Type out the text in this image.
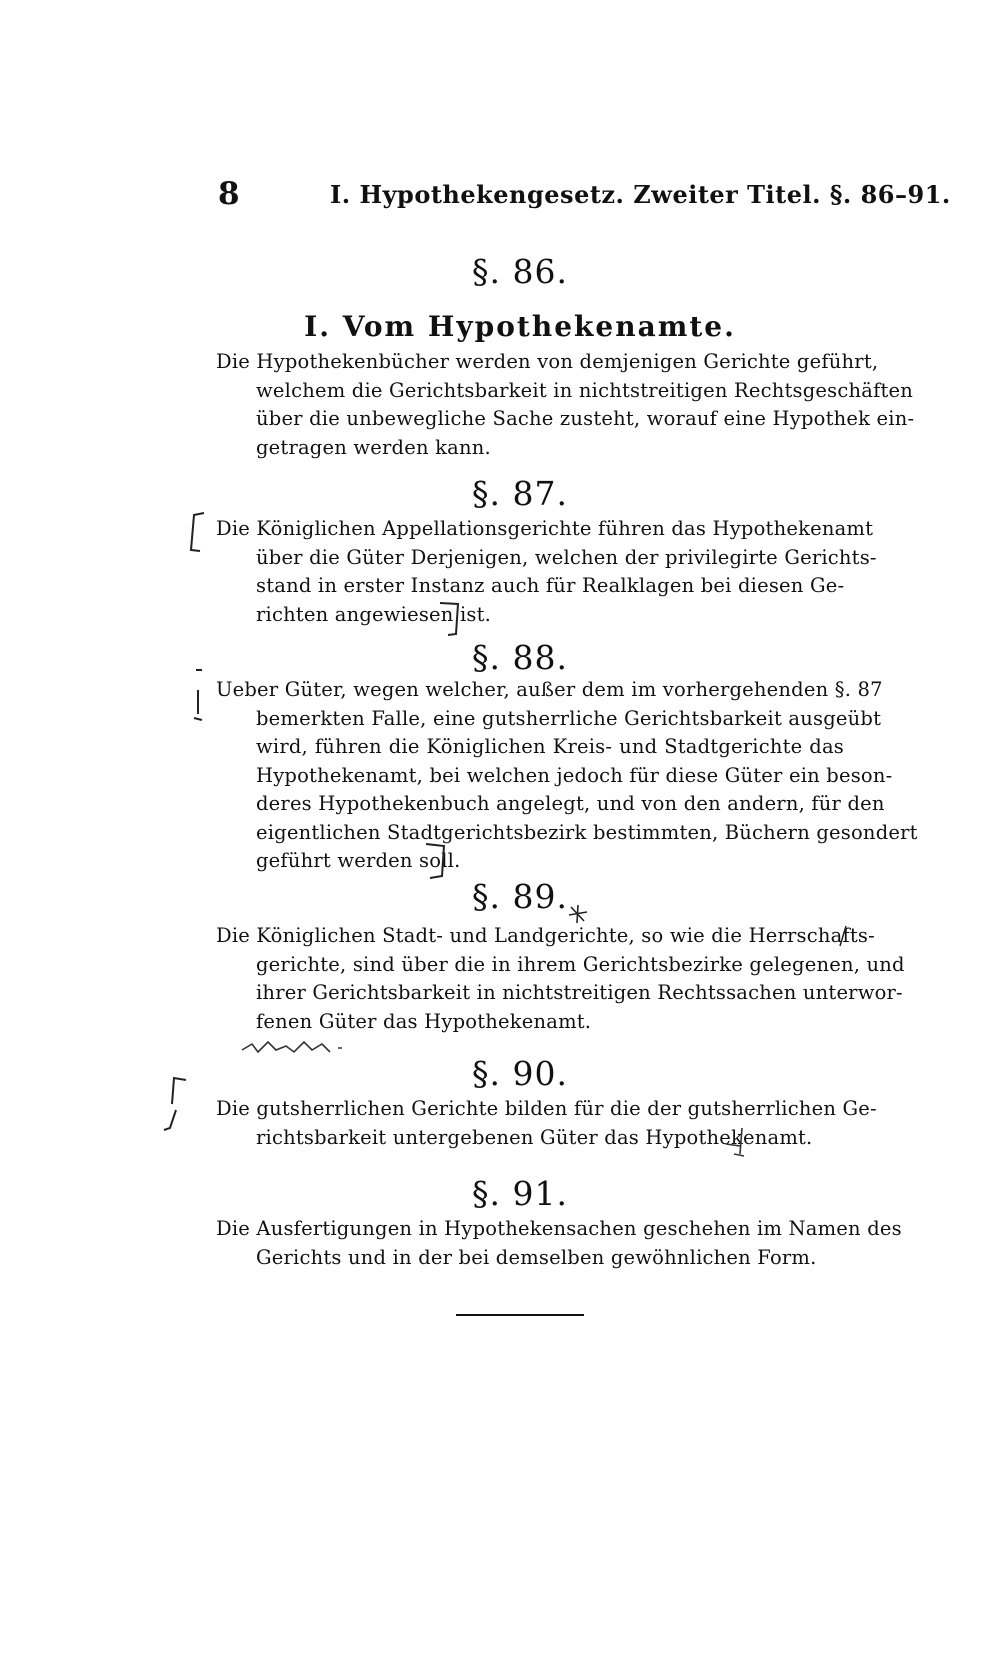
8	I. Hypothekengesetz. Zweiter Titel. §. 86–91.
§. 86.
I. Vom Hypothekenamte.
Die Hypothekenbücher werden von demjenigen Gerichte geführt,
welchem die Gerichtsbarkeit in nichtstreitigen Rechtsgeschäften
über die unbewegliche Sache zusteht, worauf eine Hypothek ein-
getragen werden kann.
§. 87.
Die Königlichen Appellationsgerichte führen das Hypothekenamt
über die Güter Derjenigen, welchen der privilegirte Gerichts-
stand in erster Instanz auch für Realklagen bei diesen Ge-
richten angewiesen ist.
§. 88.
Ueber Güter, wegen welcher, außer dem im vorhergehenden §. 87
bemerkten Falle, eine gutsherrliche Gerichtsbarkeit ausgeübt
wird, führen die Königlichen Kreis- und Stadtgerichte das
Hypothekenamt, bei welchen jedoch für diese Güter ein beson-
deres Hypothekenbuch angelegt, und von den andern, für den
eigentlichen Stadtgerichtsbezirk bestimmten, Büchern gesondert
geführt werden soll.
§. 89.
Die Königlichen Stadt- und Landgerichte, so wie die Herrschafts-
gerichte, sind über die in ihrem Gerichtsbezirke gelegenen, und
ihrer Gerichtsbarkeit in nichtstreitigen Rechtssachen unterwor-
fenen Güter das Hypothekenamt.
§. 90.
Die gutsherrlichen Gerichte bilden für die der gutsherrlichen Ge-
richtsbarkeit untergebenen Güter das Hypothekenamt.
§. 91.
Die Ausfertigungen in Hypothekensachen geschehen im Namen des
Gerichts und in der bei demselben gewöhnlichen Form.
